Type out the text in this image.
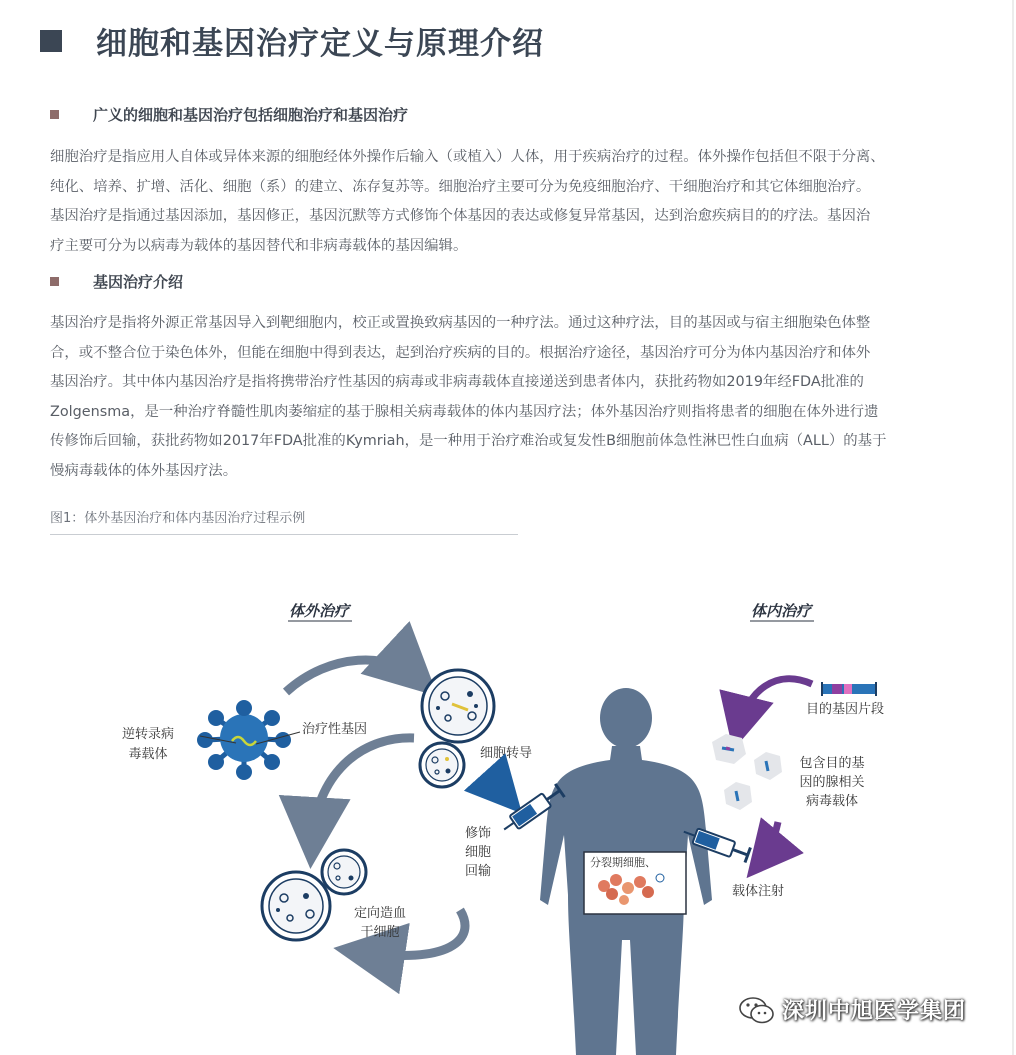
细胞和基因治疗定义与原理介绍
广义的细胞和基因治疗包括细胞治疗和基因治疗
细胞治疗是指应用人自体或异体来源的细胞经体外操作后输入（或植入）人体，用于疾病治疗的过程。体外操作包括但不限于分离、
纯化、培养、扩增、活化、细胞（系）的建立、冻存复苏等。细胞治疗主要可分为免疫细胞治疗、干细胞治疗和其它体细胞治疗。
基因治疗是指通过基因添加，基因修正，基因沉默等方式修饰个体基因的表达或修复异常基因，达到治愈疾病目的的疗法。基因治
疗主要可分为以病毒为载体的基因替代和非病毒载体的基因编辑。
基因治疗介绍
基因治疗是指将外源正常基因导入到靶细胞内，校正或置换致病基因的一种疗法。通过这种疗法，目的基因或与宿主细胞染色体整
合，或不整合位于染色体外，但能在细胞中得到表达，起到治疗疾病的目的。根据治疗途径，基因治疗可分为体内基因治疗和体外
基因治疗。其中体内基因治疗是指将携带治疗性基因的病毒或非病毒载体直接递送到患者体内，获批药物如2019年经FDA批准的
Zolgensma，是一种治疗脊髓性肌肉萎缩症的基于腺相关病毒载体的体内基因疗法；体外基因治疗则指将患者的细胞在体外进行遗
传修饰后回输，获批药物如2017年FDA批准的Kymriah，是一种用于治疗难治或复发性B细胞前体急性淋巴性白血病（ALL）的基于
慢病毒载体的体外基因疗法。
图1：体外基因治疗和体内基因治疗过程示例
体外治疗	体内治疗
逆转录病
毒载体
治疗性基因
细胞转导
定向造血
干细胞
修饰
细胞
回输
分裂期细胞、
载体注射
目的基因片段
包含目的基
因的腺相关
病毒载体
深圳中旭医学集团
